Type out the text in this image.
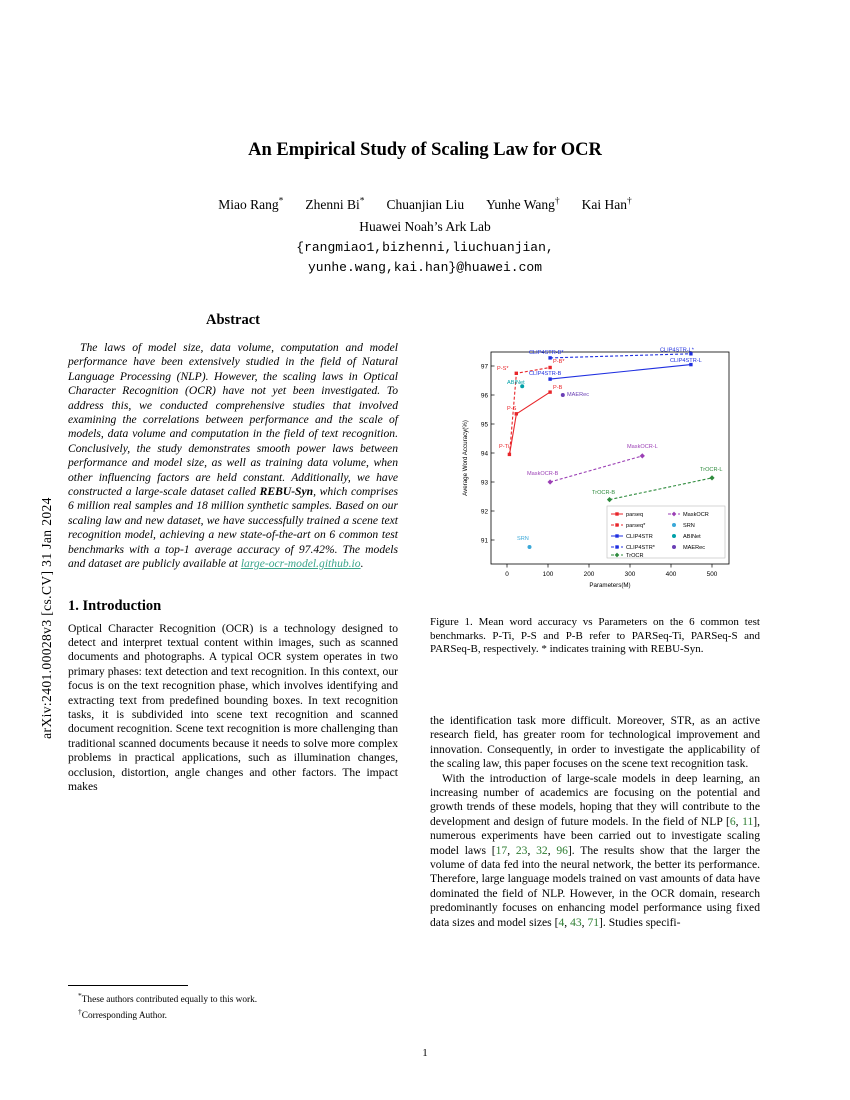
arXiv:2401.00028v3 [cs.CV] 31 Jan 2024
An Empirical Study of Scaling Law for OCR
Miao Rang* Zhenni Bi* Chuanjian Liu Yunhe Wang† Kai Han†
Huawei Noah’s Ark Lab
{rangmiao1,bizhenni,liuchuanjian,
yunhe.wang,kai.han}@huawei.com
Abstract
The laws of model size, data volume, computation and model performance have been extensively studied in the field of Natural Language Processing (NLP). However, the scaling laws in Optical Character Recognition (OCR) have not yet been investigated. To address this, we conducted comprehensive studies that involved examining the correlations between performance and the scale of models, data volume and computation in the field of text recognition. Conclusively, the study demonstrates smooth power laws between performance and model size, as well as training data volume, when other influencing factors are held constant. Additionally, we have constructed a large-scale dataset called REBU-Syn, which comprises 6 million real samples and 18 million synthetic samples. Based on our scaling law and new dataset, we have successfully trained a scene text recognition model, achieving a new state-of-the-art on 6 common test benchmarks with a top-1 average accuracy of 97.42%. The models and dataset are publicly available at large-ocr-model.github.io.
1. Introduction

Optical Character Recognition (OCR) is a technology designed to detect and interpret textual content within images, such as scanned documents and photographs. A typical OCR system operates in two primary phases: text detection and text recognition. In this context, our focus is on the text recognition phase, which involves identifying and extracting text from predefined bounding boxes. In text recognition tasks, it is subdivided into scene text recognition and scanned document recognition. Scene text recognition is more challenging than traditional scanned documents because it needs to solve more complex problems in practical applications, such as illumination changes, occlusion, distortion, angle changes and other factors. The impact makes

97
96
95
94
93
92
91
0	100	200	300	400	500
Parameters(M)
Average Word Accuracy(%)	P-Ti
P-S
P-B
P-S*
P-B*
CLIP4STR-B
CLIP4STR-L
CLIP4STR-B*	CLIP4STR-L*
TrOCR-B
TrOCR-L
MaskOCR-B
MaskOCR-L
SRN
ABINet
MAERec
parseq
parseq*
CLIP4STR
CLIP4STR*
TrOCR
MaskOCR
SRN
ABINet
MAERec
Figure 1. Mean word accuracy vs Parameters on the 6 common test benchmarks. P-Ti, P-S and P-B refer to PARSeq-Ti, PARSeq-S and PARSeq-B, respectively. * indicates training with REBU-Syn.

the identification task more difficult. Moreover, STR, as an active research field, has greater room for technological improvement and innovation. Consequently, in order to investigate the applicability of the scaling law, this paper focuses on the scene text recognition task.

With the introduction of large-scale models in deep learning, an increasing number of academics are focusing on the potential and growth trends of these models, hoping that they will contribute to the development and design of future models. In the field of NLP [6, 11], numerous experiments have been carried out to investigate scaling model laws [17, 23, 32, 96]. The results show that the larger the volume of data fed into the neural network, the better its performance. Therefore, large language models trained on vast amounts of data have dominated the field of NLP. However, in the OCR domain, research predominantly focuses on enhancing model performance using fixed data sizes and model sizes [4, 43, 71]. Studies specifi-

*These authors contributed equally to this work.
†Corresponding Author.
1
